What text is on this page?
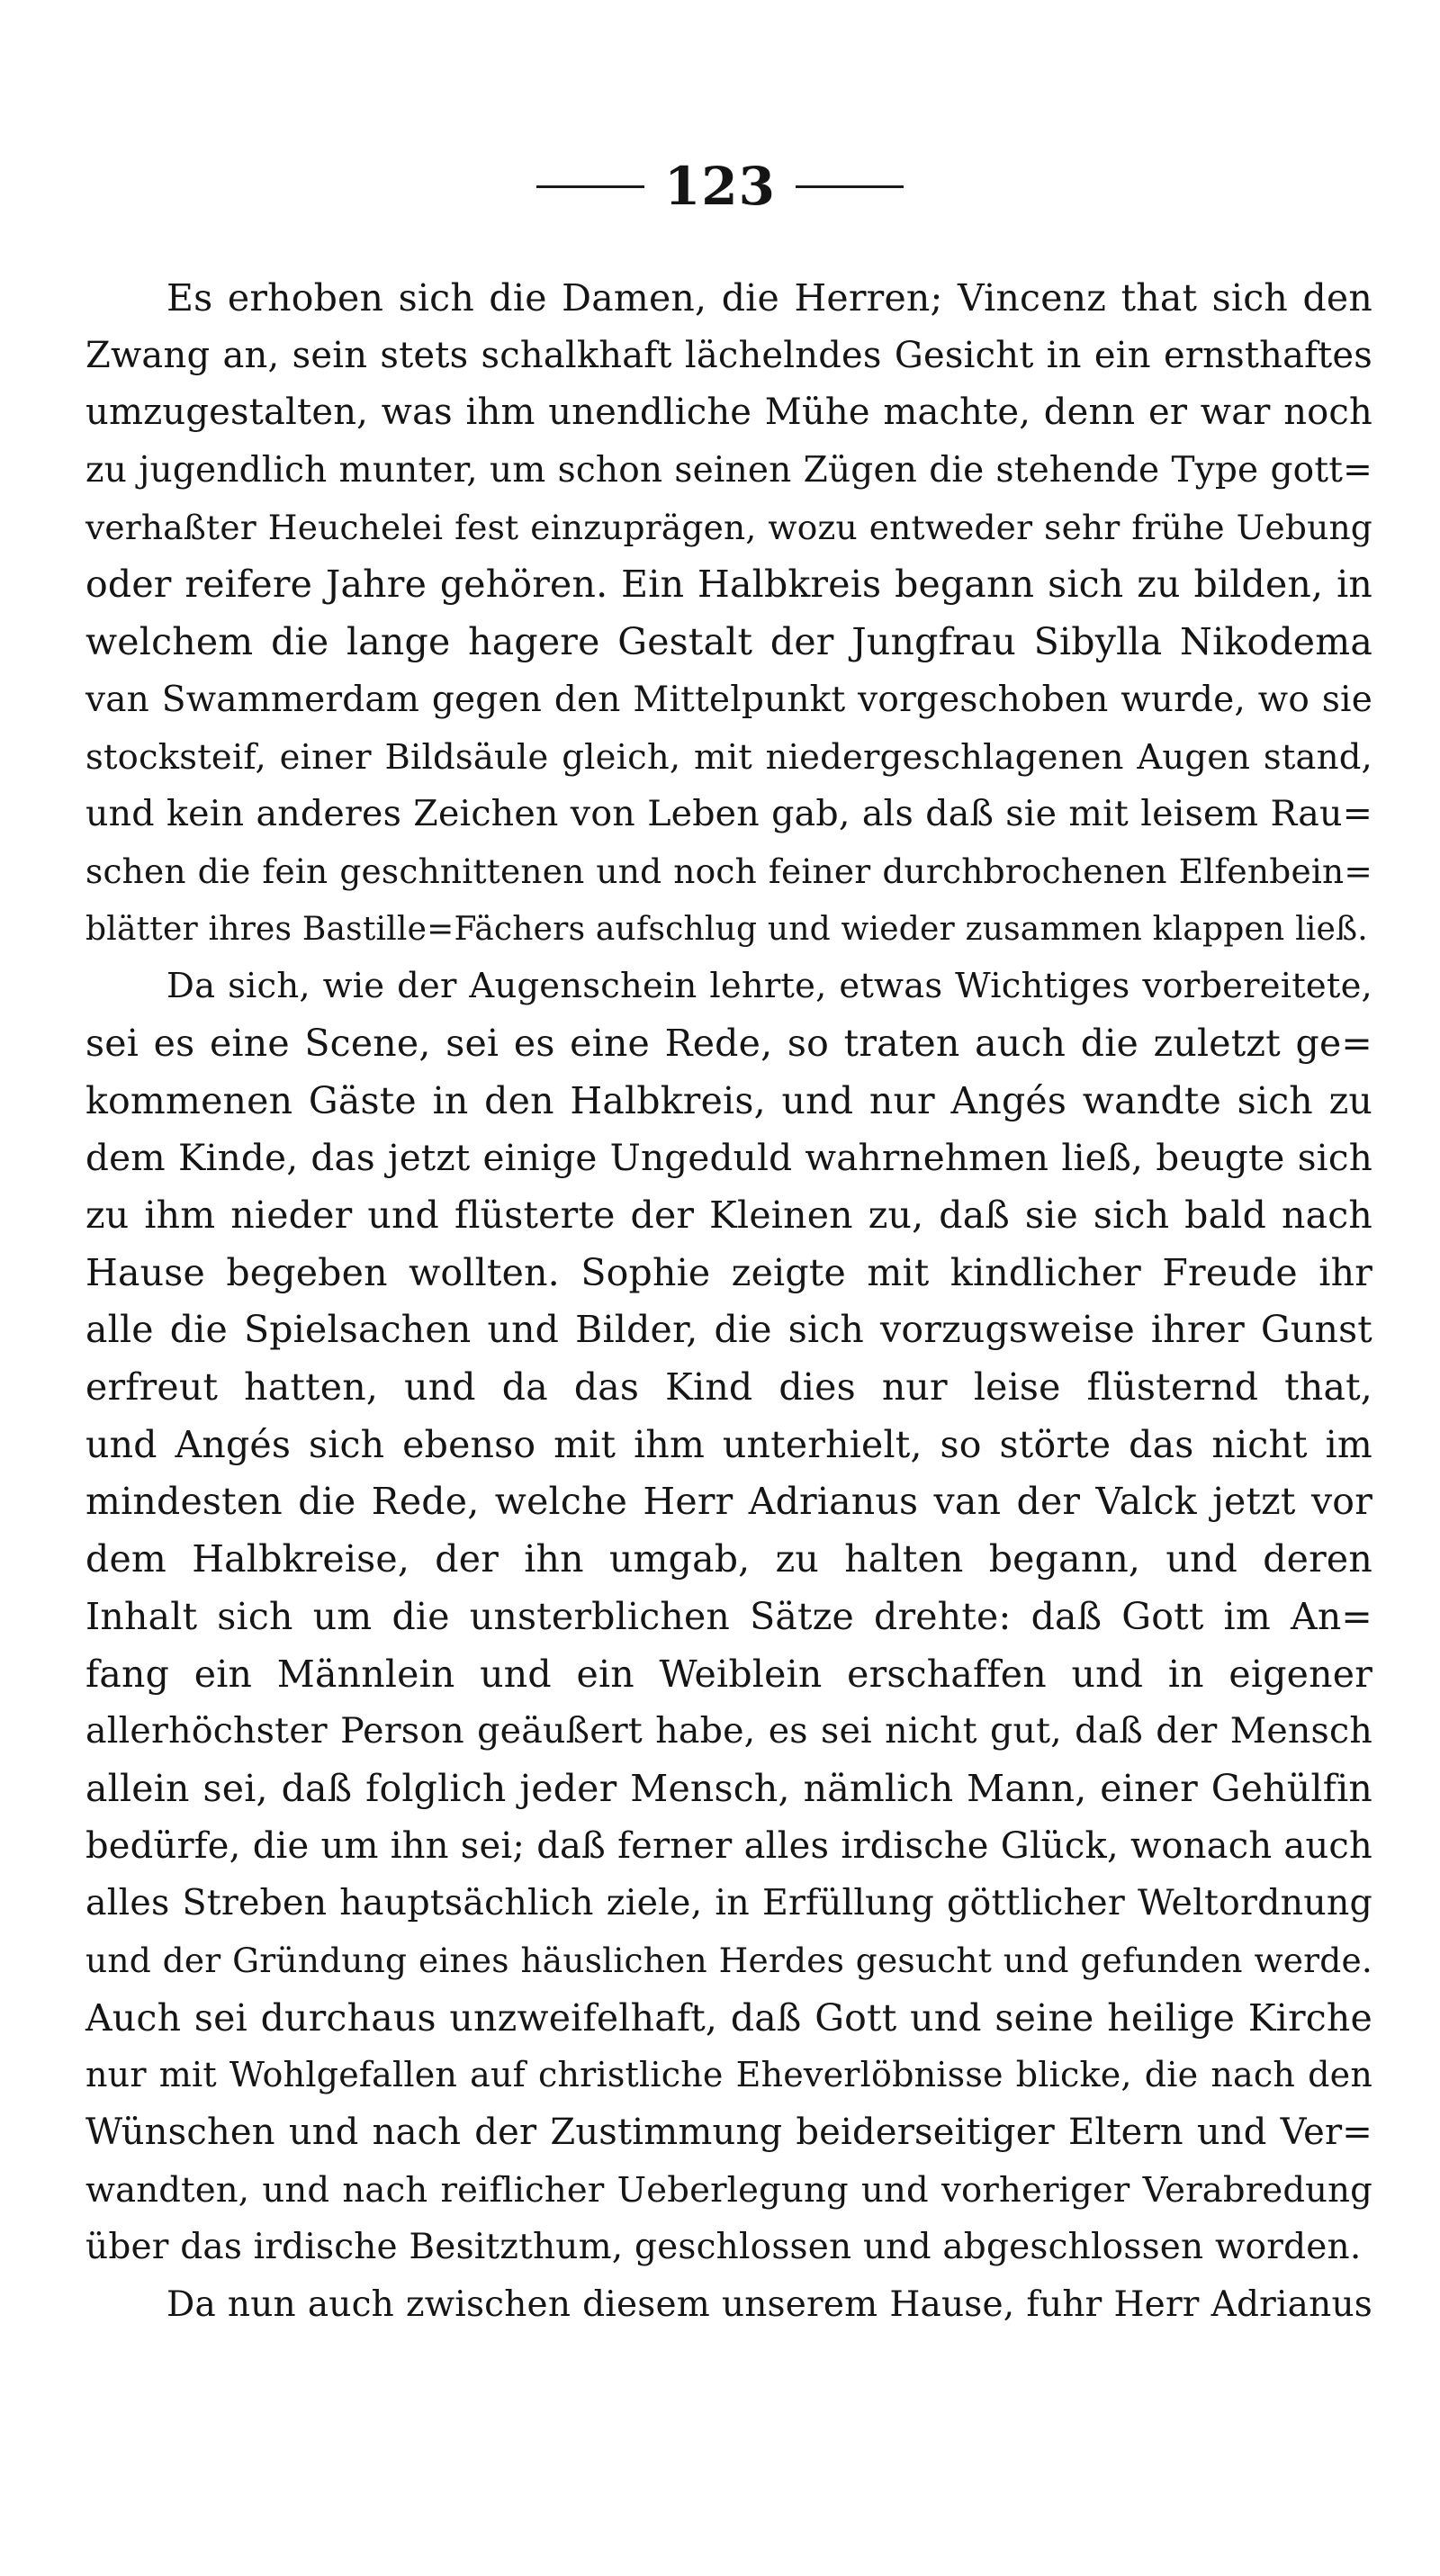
123
Es erhoben sich die Damen, die Herren; Vincenz that sich den
Zwang an, sein stets schalkhaft lächelndes Gesicht in ein ernsthaftes
umzugestalten, was ihm unendliche Mühe machte, denn er war noch
zu jugendlich munter, um schon seinen Zügen die stehende Type gott=
verhaßter Heuchelei fest einzuprägen, wozu entweder sehr frühe Uebung
oder reifere Jahre gehören. Ein Halbkreis begann sich zu bilden, in
welchem die lange hagere Gestalt der Jungfrau Sibylla Nikodema
van Swammerdam gegen den Mittelpunkt vorgeschoben wurde, wo sie
stocksteif, einer Bildsäule gleich, mit niedergeschlagenen Augen stand,
und kein anderes Zeichen von Leben gab, als daß sie mit leisem Rau=
schen die fein geschnittenen und noch feiner durchbrochenen Elfenbein=
blätter ihres Bastille=Fächers aufschlug und wieder zusammen klappen ließ.
Da sich, wie der Augenschein lehrte, etwas Wichtiges vorbereitete,
sei es eine Scene, sei es eine Rede, so traten auch die zuletzt ge=
kommenen Gäste in den Halbkreis, und nur Angés wandte sich zu
dem Kinde, das jetzt einige Ungeduld wahrnehmen ließ, beugte sich
zu ihm nieder und flüsterte der Kleinen zu, daß sie sich bald nach
Hause begeben wollten. Sophie zeigte mit kindlicher Freude ihr
alle die Spielsachen und Bilder, die sich vorzugsweise ihrer Gunst
erfreut hatten, und da das Kind dies nur leise flüsternd that,
und Angés sich ebenso mit ihm unterhielt, so störte das nicht im
mindesten die Rede, welche Herr Adrianus van der Valck jetzt vor
dem Halbkreise, der ihn umgab, zu halten begann, und deren
Inhalt sich um die unsterblichen Sätze drehte: daß Gott im An=
fang ein Männlein und ein Weiblein erschaffen und in eigener
allerhöchster Person geäußert habe, es sei nicht gut, daß der Mensch
allein sei, daß folglich jeder Mensch, nämlich Mann, einer Gehülfin
bedürfe, die um ihn sei; daß ferner alles irdische Glück, wonach auch
alles Streben hauptsächlich ziele, in Erfüllung göttlicher Weltordnung
und der Gründung eines häuslichen Herdes gesucht und gefunden werde.
Auch sei durchaus unzweifelhaft, daß Gott und seine heilige Kirche
nur mit Wohlgefallen auf christliche Eheverlöbnisse blicke, die nach den
Wünschen und nach der Zustimmung beiderseitiger Eltern und Ver=
wandten, und nach reiflicher Ueberlegung und vorheriger Verabredung
über das irdische Besitzthum, geschlossen und abgeschlossen worden.
Da nun auch zwischen diesem unserem Hause, fuhr Herr Adrianus
